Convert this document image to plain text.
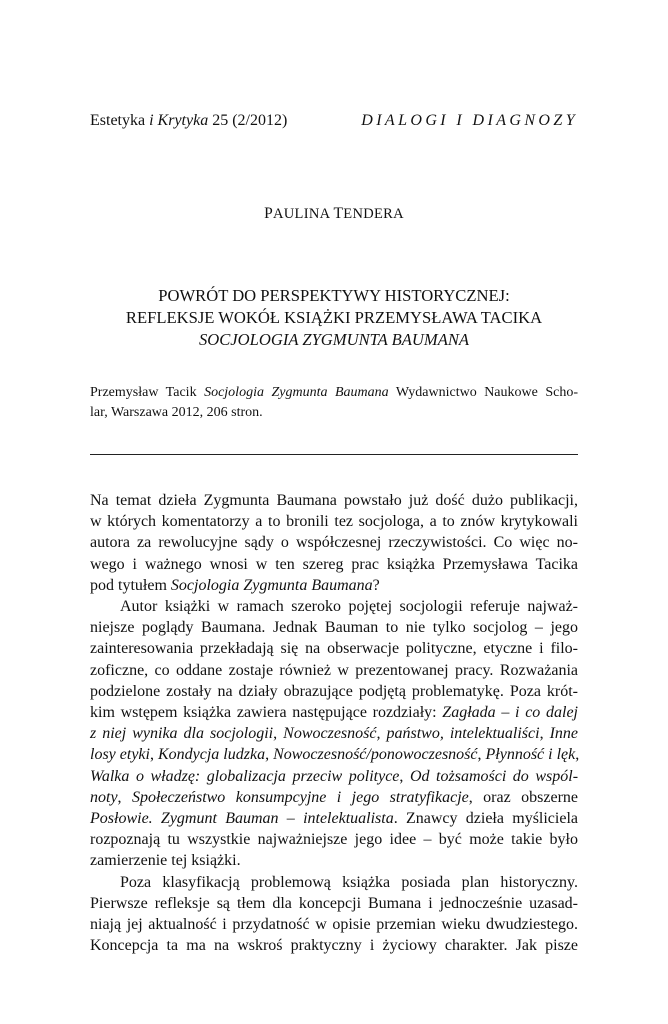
Estetyka i Krytyka 25 (2/2012)	DIALOGI I DIAGNOZY
PAULINA TENDERA
POWRÓT DO PERSPEKTYWY HISTORYCZNEJ:
REFLEKSJE WOKÓŁ KSIĄŻKI PRZEMYSŁAWA TACIKA
SOCJOLOGIA ZYGMUNTA BAUMANA
Przemysław Tacik Socjologia Zygmunta Baumana Wydawnictwo Naukowe Scho-
lar, Warszawa 2012, 206 stron.
Na temat dzieła Zygmunta Baumana powstało już dość dużo publikacji,
w których komentatorzy a to bronili tez socjologa, a to znów krytykowali
autora za rewolucyjne sądy o współczesnej rzeczywistości. Co więc no-
wego i ważnego wnosi w ten szereg prac książka Przemysława Tacika
pod tytułem Socjologia Zygmunta Baumana?
Autor książki w ramach szeroko pojętej socjologii referuje najważ-
niejsze poglądy Baumana. Jednak Bauman to nie tylko socjolog – jego
zainteresowania przekładają się na obserwacje polityczne, etyczne i filo-
zoficzne, co oddane zostaje również w prezentowanej pracy. Rozważania
podzielone zostały na działy obrazujące podjętą problematykę. Poza krót-
kim wstępem książka zawiera następujące rozdziały: Zagłada – i co dalej
z niej wynika dla socjologii, Nowoczesność, państwo, intelektualiści, Inne
losy etyki, Kondycja ludzka, Nowoczesność/ponowoczesność, Płynność i lęk,
Walka o władzę: globalizacja przeciw polityce, Od tożsamości do wspól-
noty, Społeczeństwo konsumpcyjne i jego stratyfikacje, oraz obszerne
Posłowie. Zygmunt Bauman – intelektualista. Znawcy dzieła myśliciela
rozpoznają tu wszystkie najważniejsze jego idee – być może takie było
zamierzenie tej książki.
Poza klasyfikacją problemową książka posiada plan historyczny.
Pierwsze refleksje są tłem dla koncepcji Bumana i jednocześnie uzasad-
niają jej aktualność i przydatność w opisie przemian wieku dwudziestego.
Koncepcja ta ma na wskroś praktyczny i życiowy charakter. Jak pisze
